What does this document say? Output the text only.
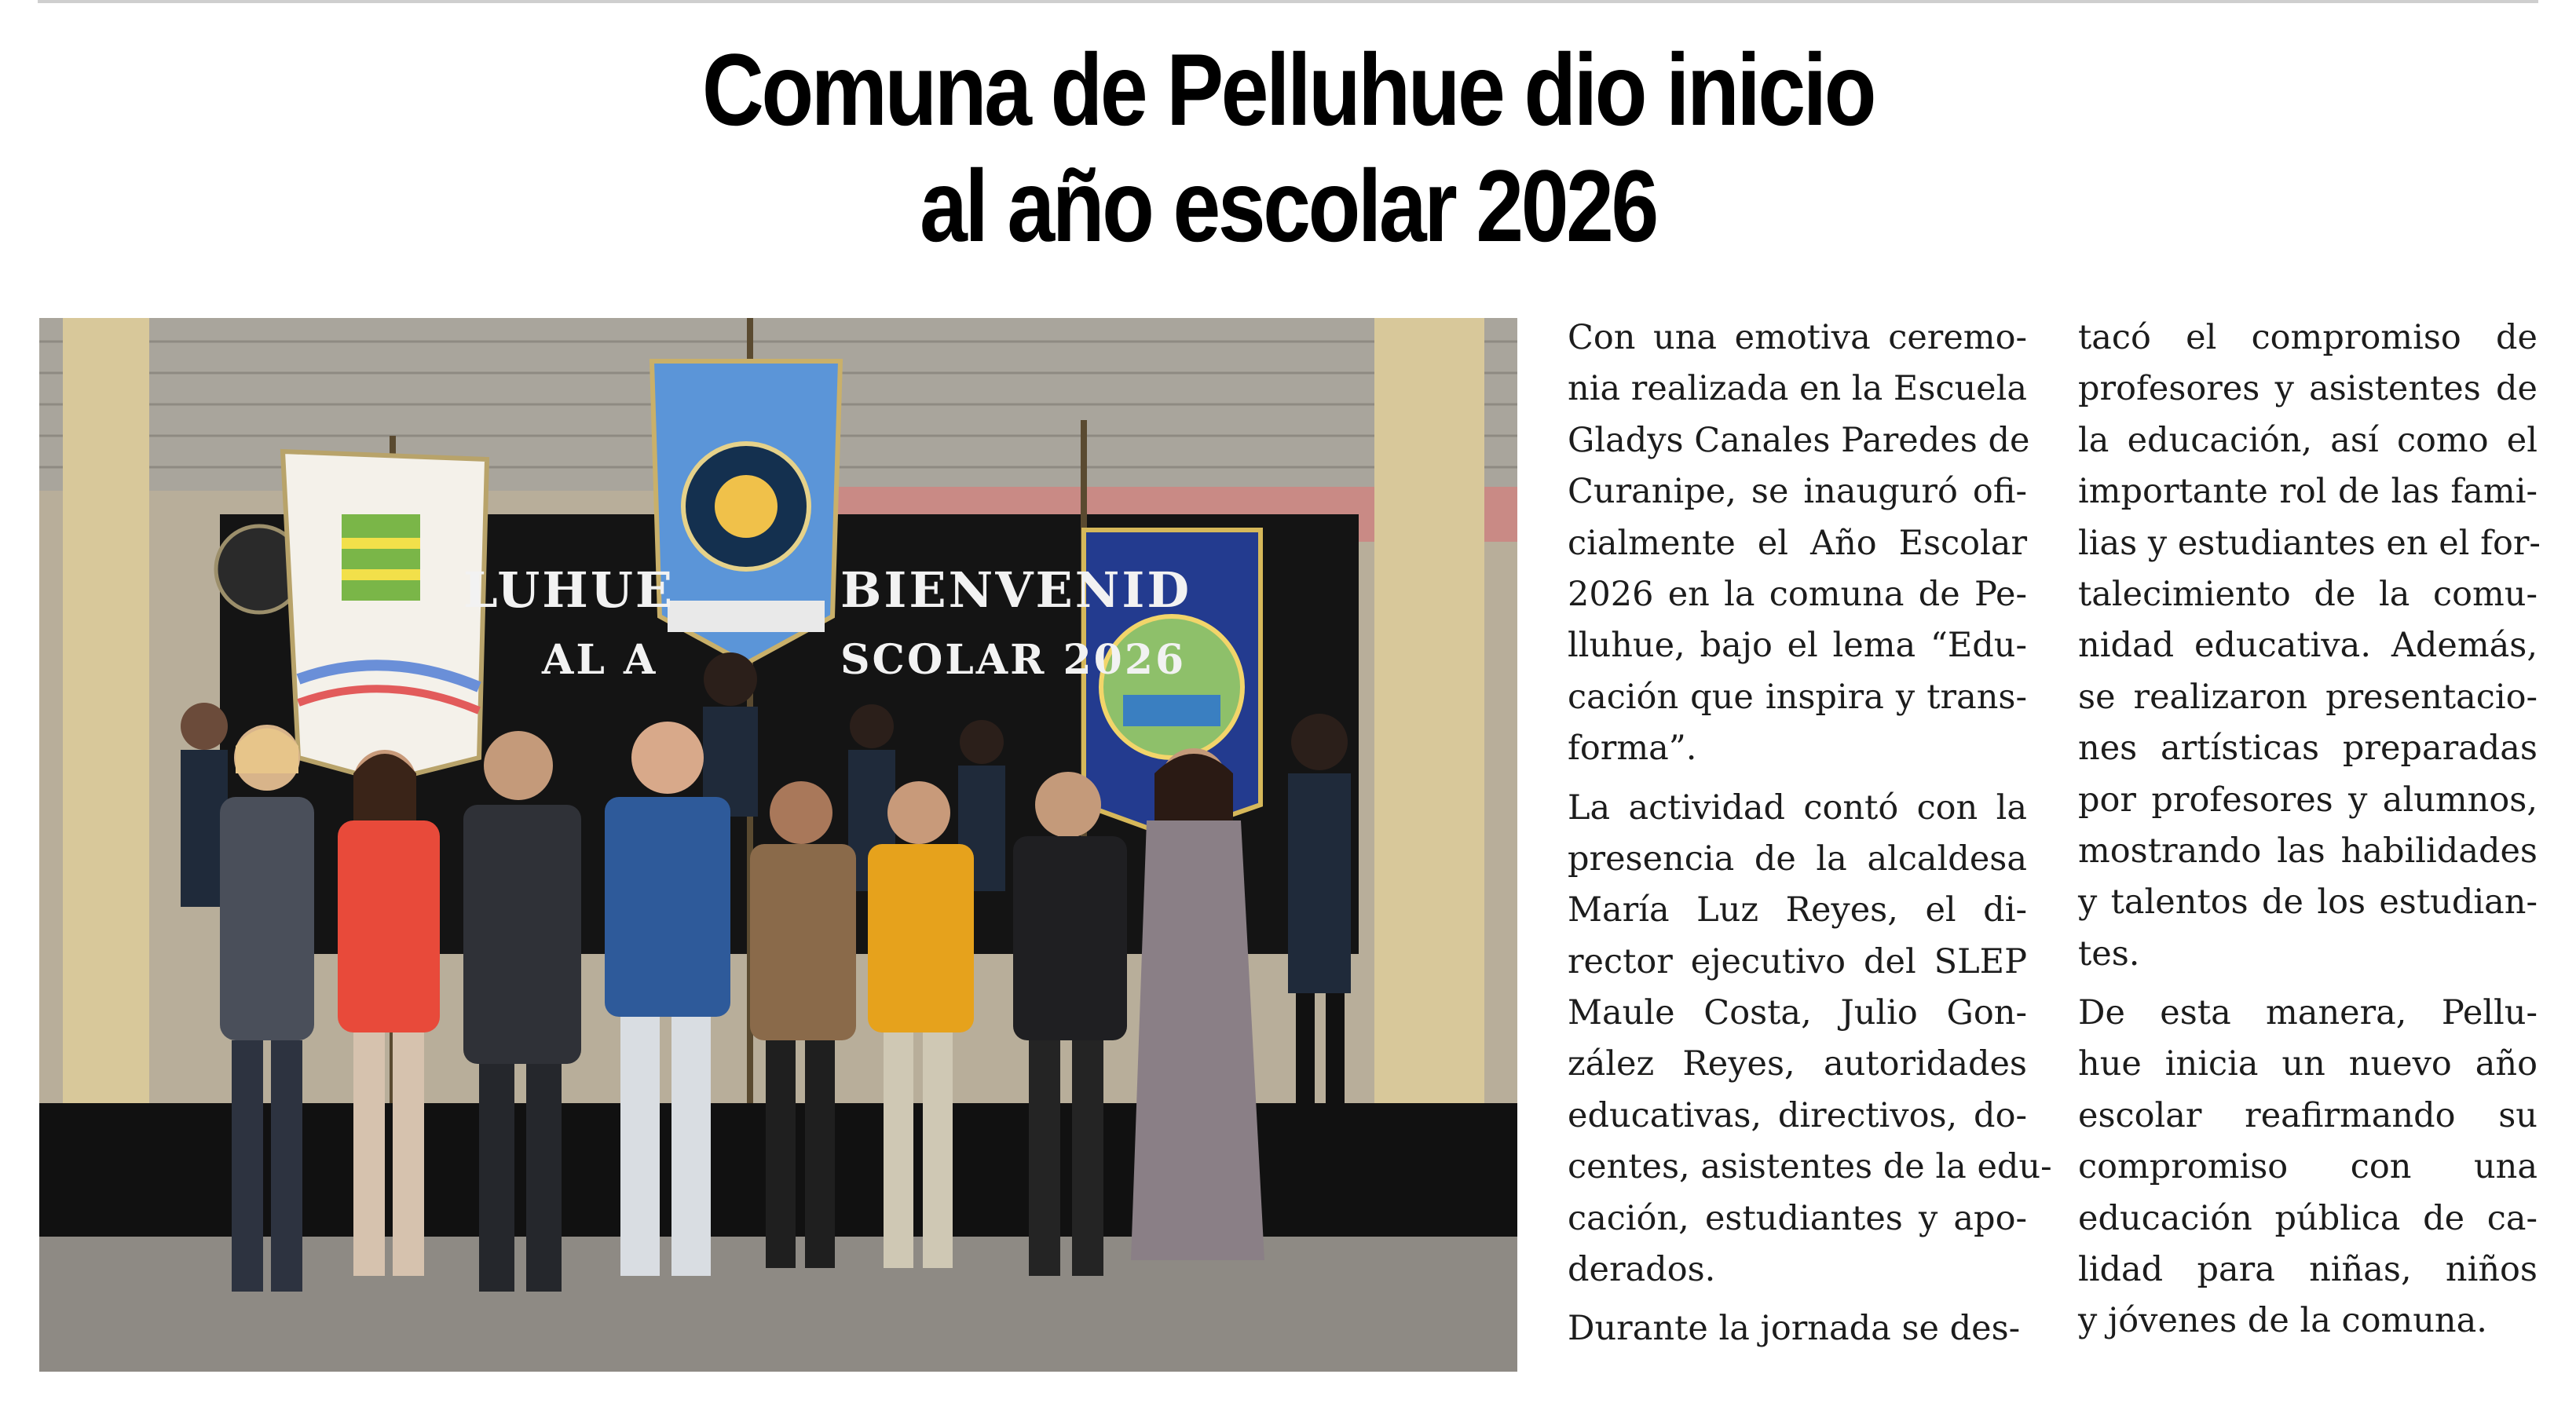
Comuna de Pelluhue dio inicio
al año escolar 2026
LUHUE	BIENVENID
AL A	SCOLAR 2026
Con una emotiva ceremo-
nia realizada en la Escuela
Gladys Canales Paredes de
Curanipe, se inauguró ofi-
cialmente el Año Escolar
2026 en la comuna de Pe-
lluhue, bajo el lema “Edu-
cación que inspira y trans-
forma”.
La actividad contó con la
presencia de la alcaldesa
María Luz Reyes, el di-
rector ejecutivo del SLEP
Maule Costa, Julio Gon-
zález Reyes, autoridades
educativas, directivos, do-
centes, asistentes de la edu-
cación, estudiantes y apo-
derados.
Durante la jornada se des-
tacó el compromiso de
profesores y asistentes de
la educación, así como el
importante rol de las fami-
lias y estudiantes en el for-
talecimiento de la comu-
nidad educativa. Además,
se realizaron presentacio-
nes artísticas preparadas
por profesores y alumnos,
mostrando las habilidades
y talentos de los estudian-
tes.
De esta manera, Pellu-
hue inicia un nuevo año
escolar reafirmando su
compromiso con una
educación pública de ca-
lidad para niñas, niños
y jóvenes de la comuna.
